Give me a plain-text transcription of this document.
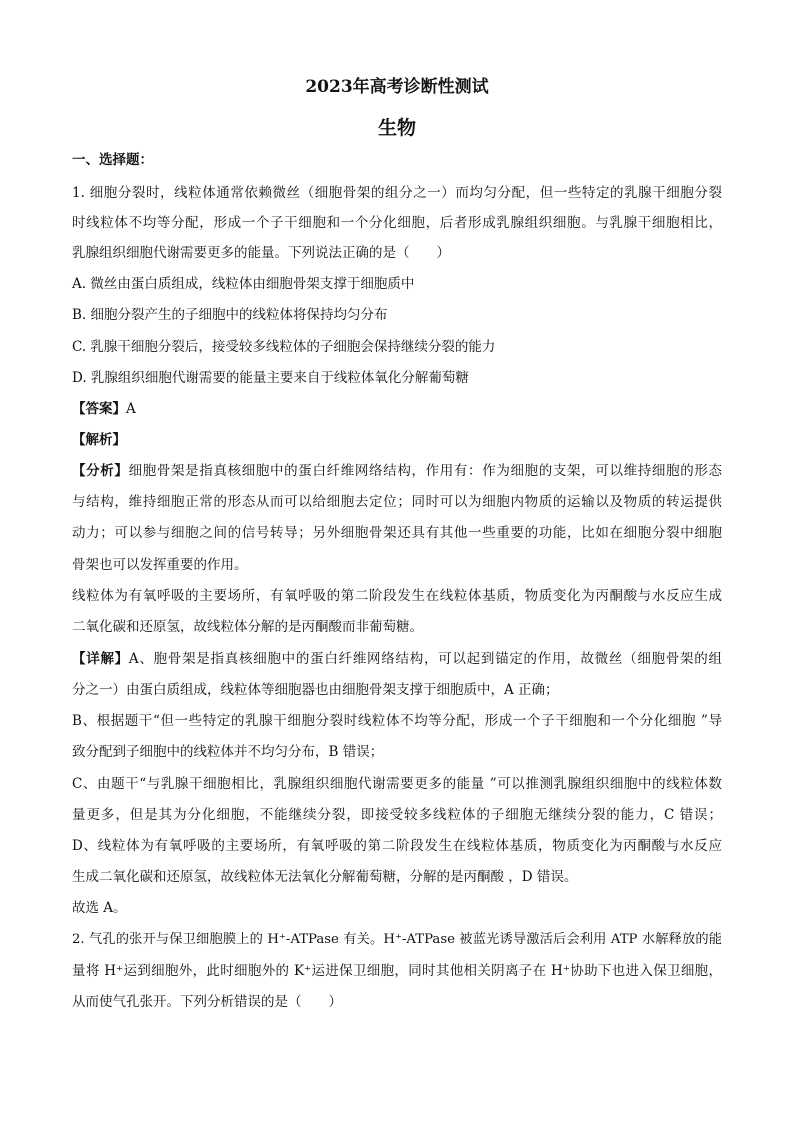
2023年高考诊断性测试

生物

一、选择题：

1. 细胞分裂时，线粒体通常依赖微丝（细胞骨架的组分之一）而均匀分配，但一些特定的乳腺干细胞分裂

时线粒体不均等分配，形成一个子干细胞和一个分化细胞，后者形成乳腺组织细胞。与乳腺干细胞相比，

乳腺组织细胞代谢需要更多的能量。下列说法正确的是（　　）

A. 微丝由蛋白质组成，线粒体由细胞骨架支撑于细胞质中

B. 细胞分裂产生的子细胞中的线粒体将保持均匀分布

C. 乳腺干细胞分裂后，接受较多线粒体的子细胞会保持继续分裂的能力

D. 乳腺组织细胞代谢需要的能量主要来自于线粒体氧化分解葡萄糖

【答案】A

【解析】

【分析】细胞骨架是指真核细胞中的蛋白纤维网络结构，作用有：作为细胞的支架，可以维持细胞的形态

与结构，维持细胞正常的形态从而可以给细胞去定位；同时可以为细胞内物质的运输以及物质的转运提供

动力；可以参与细胞之间的信号转导；另外细胞骨架还具有其他一些重要的功能，比如在细胞分裂中细胞

骨架也可以发挥重要的作用。

线粒体为有氧呼吸的主要场所，有氧呼吸的第二阶段发生在线粒体基质，物质变化为丙酮酸与水反应生成

二氧化碳和还原氢，故线粒体分解的是丙酮酸而非葡萄糖。

【详解】A、胞骨架是指真核细胞中的蛋白纤维网络结构，可以起到锚定的作用，故微丝（细胞骨架的组

分之一）由蛋白质组成，线粒体等细胞器也由细胞骨架支撑于细胞质中，A 正确；

B、根据题干“但一些特定的乳腺干细胞分裂时线粒体不均等分配，形成一个子干细胞和一个分化细胞 ”导

致分配到子细胞中的线粒体并不均匀分布，B 错误；

C、由题干“与乳腺干细胞相比，乳腺组织细胞代谢需要更多的能量 ”可以推测乳腺组织细胞中的线粒体数

量更多，但是其为分化细胞，不能继续分裂，即接受较多线粒体的子细胞无继续分裂的能力，C 错误；

D、线粒体为有氧呼吸的主要场所，有氧呼吸的第二阶段发生在线粒体基质，物质变化为丙酮酸与水反应

生成二氧化碳和还原氢，故线粒体无法氧化分解葡萄糖，分解的是丙酮酸 ，D 错误。

故选 A。

2. 气孔的张开与保卫细胞膜上的 H⁺-ATPase 有关。H⁺-ATPase 被蓝光诱导激活后会利用 ATP 水解释放的能

量将 H⁺运到细胞外，此时细胞外的 K⁺运进保卫细胞，同时其他相关阴离子在 H⁺协助下也进入保卫细胞，

从而使气孔张开。下列分析错误的是（　　）
